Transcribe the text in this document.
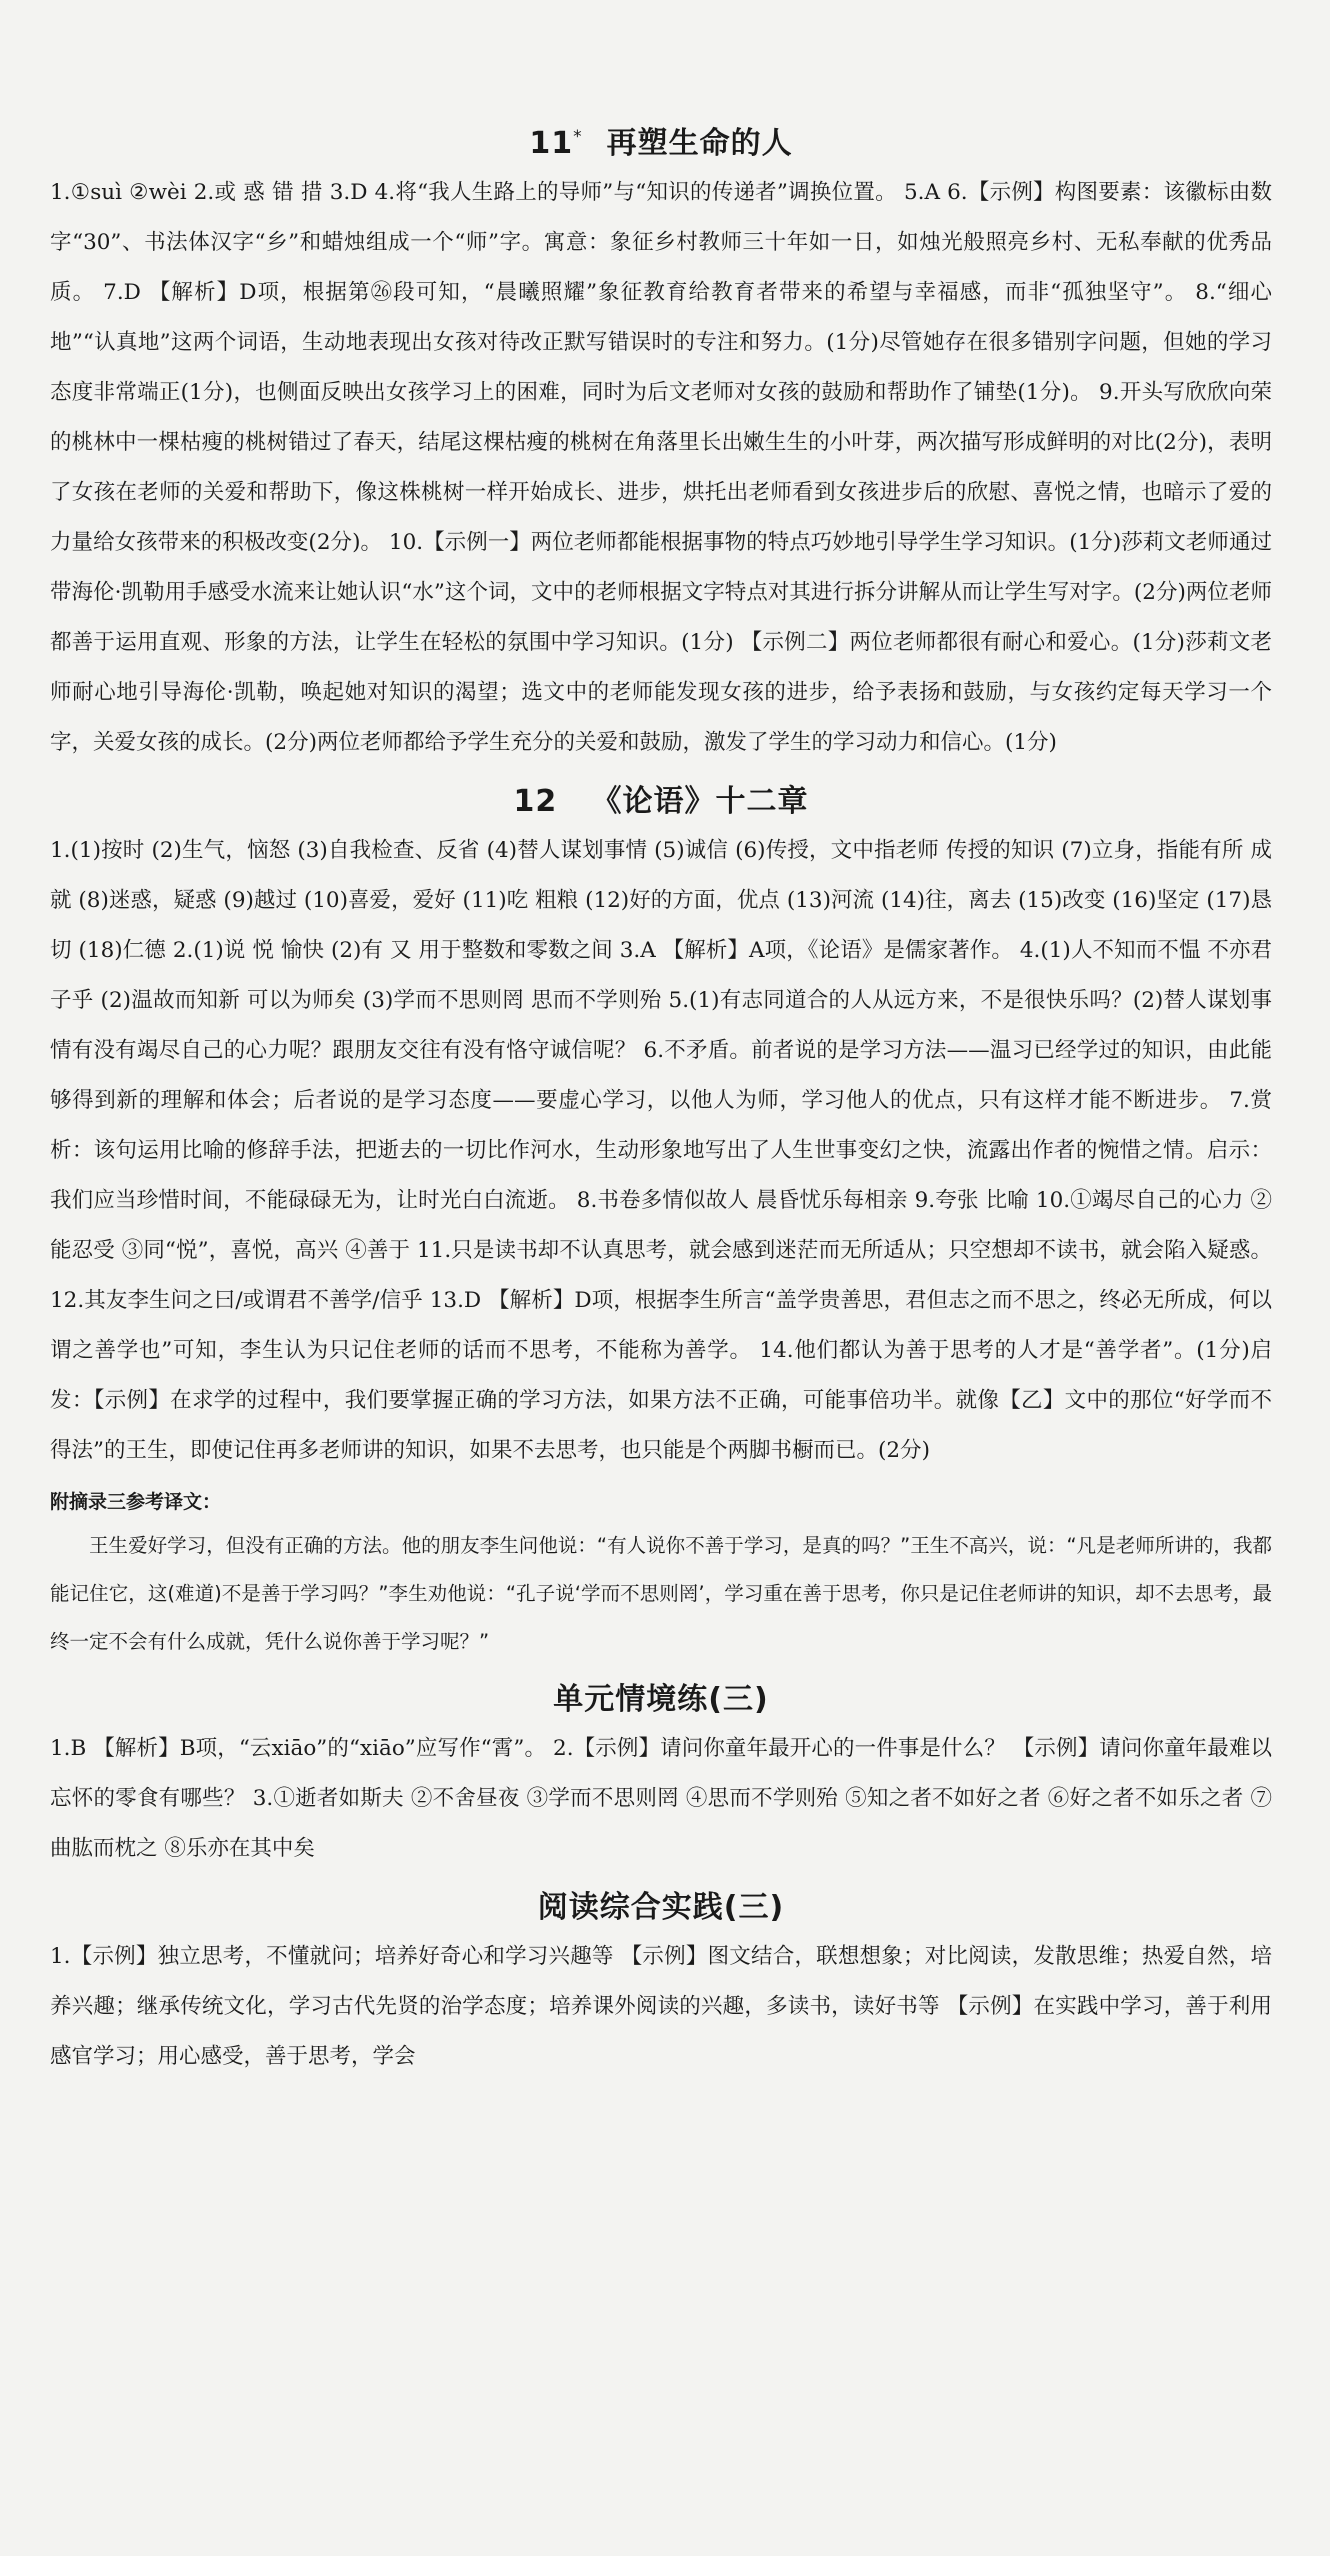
11* 再塑生命的人

1.①suì ②wèi 2.或 惑 错 措 3.D 4.将“我人生路上的导师”与“知识的传递者”调换位置。 5.A 6.【示例】构图要素：该徽标由数字“30”、书法体汉字“乡”和蜡烛组成一个“师”字。寓意：象征乡村教师三十年如一日，如烛光般照亮乡村、无私奉献的优秀品质。 7.D 【解析】D项，根据第㉖段可知，“晨曦照耀”象征教育给教育者带来的希望与幸福感，而非“孤独坚守”。 8.“细心地”“认真地”这两个词语，生动地表现出女孩对待改正默写错误时的专注和努力。(1分)尽管她存在很多错别字问题，但她的学习态度非常端正(1分)，也侧面反映出女孩学习上的困难，同时为后文老师对女孩的鼓励和帮助作了铺垫(1分)。 9.开头写欣欣向荣的桃林中一棵枯瘦的桃树错过了春天，结尾这棵枯瘦的桃树在角落里长出嫩生生的小叶芽，两次描写形成鲜明的对比(2分)，表明了女孩在老师的关爱和帮助下，像这株桃树一样开始成长、进步，烘托出老师看到女孩进步后的欣慰、喜悦之情，也暗示了爱的力量给女孩带来的积极改变(2分)。 10.【示例一】两位老师都能根据事物的特点巧妙地引导学生学习知识。(1分)莎莉文老师通过带海伦·凯勒用手感受水流来让她认识“水”这个词，文中的老师根据文字特点对其进行拆分讲解从而让学生写对字。(2分)两位老师都善于运用直观、形象的方法，让学生在轻松的氛围中学习知识。(1分) 【示例二】两位老师都很有耐心和爱心。(1分)莎莉文老师耐心地引导海伦·凯勒，唤起她对知识的渴望；选文中的老师能发现女孩的进步，给予表扬和鼓励，与女孩约定每天学习一个字，关爱女孩的成长。(2分)两位老师都给予学生充分的关爱和鼓励，激发了学生的学习动力和信心。(1分)

12 《论语》十二章

1.(1)按时 (2)生气，恼怒 (3)自我检查、反省 (4)替人谋划事情 (5)诚信 (6)传授，文中指老师 传授的知识 (7)立身，指能有所 成就 (8)迷惑，疑惑 (9)越过 (10)喜爱，爱好 (11)吃 粗粮 (12)好的方面，优点 (13)河流 (14)往，离去 (15)改变 (16)坚定 (17)恳切 (18)仁德 2.(1)说 悦 愉快 (2)有 又 用于整数和零数之间 3.A 【解析】A项，《论语》是儒家著作。 4.(1)人不知而不愠 不亦君子乎 (2)温故而知新 可以为师矣 (3)学而不思则罔 思而不学则殆 5.(1)有志同道合的人从远方来，不是很快乐吗？(2)替人谋划事情有没有竭尽自己的心力呢？跟朋友交往有没有恪守诚信呢？ 6.不矛盾。前者说的是学习方法——温习已经学过的知识，由此能够得到新的理解和体会；后者说的是学习态度——要虚心学习，以他人为师，学习他人的优点，只有这样才能不断进步。 7.赏析：该句运用比喻的修辞手法，把逝去的一切比作河水，生动形象地写出了人生世事变幻之快，流露出作者的惋惜之情。启示：我们应当珍惜时间，不能碌碌无为，让时光白白流逝。 8.书卷多情似故人 晨昏忧乐每相亲 9.夸张 比喻 10.①竭尽自己的心力 ②能忍受 ③同“悦”，喜悦，高兴 ④善于 11.只是读书却不认真思考，就会感到迷茫而无所适从；只空想却不读书，就会陷入疑惑。 12.其友李生问之曰/或谓君不善学/信乎 13.D 【解析】D项，根据李生所言“盖学贵善思，君但志之而不思之，终必无所成，何以谓之善学也”可知，李生认为只记住老师的话而不思考，不能称为善学。 14.他们都认为善于思考的人才是“善学者”。(1分)启发：【示例】在求学的过程中，我们要掌握正确的学习方法，如果方法不正确，可能事倍功半。就像【乙】文中的那位“好学而不得法”的王生，即使记住再多老师讲的知识，如果不去思考，也只能是个两脚书橱而已。(2分)

附摘录三参考译文：

王生爱好学习，但没有正确的方法。他的朋友李生问他说：“有人说你不善于学习，是真的吗？”王生不高兴，说：“凡是老师所讲的，我都能记住它，这(难道)不是善于学习吗？”李生劝他说：“孔子说‘学而不思则罔’，学习重在善于思考，你只是记住老师讲的知识，却不去思考，最终一定不会有什么成就，凭什么说你善于学习呢？”

单元情境练(三)

1.B 【解析】B项，“云xiāo”的“xiāo”应写作“霄”。 2.【示例】请问你童年最开心的一件事是什么？ 【示例】请问你童年最难以忘怀的零食有哪些？ 3.①逝者如斯夫 ②不舍昼夜 ③学而不思则罔 ④思而不学则殆 ⑤知之者不如好之者 ⑥好之者不如乐之者 ⑦曲肱而枕之 ⑧乐亦在其中矣

阅读综合实践(三)

1.【示例】独立思考，不懂就问；培养好奇心和学习兴趣等 【示例】图文结合，联想想象；对比阅读，发散思维；热爱自然，培养兴趣；继承传统文化，学习古代先贤的治学态度；培养课外阅读的兴趣，多读书，读好书等 【示例】在实践中学习，善于利用感官学习；用心感受，善于思考，学会
